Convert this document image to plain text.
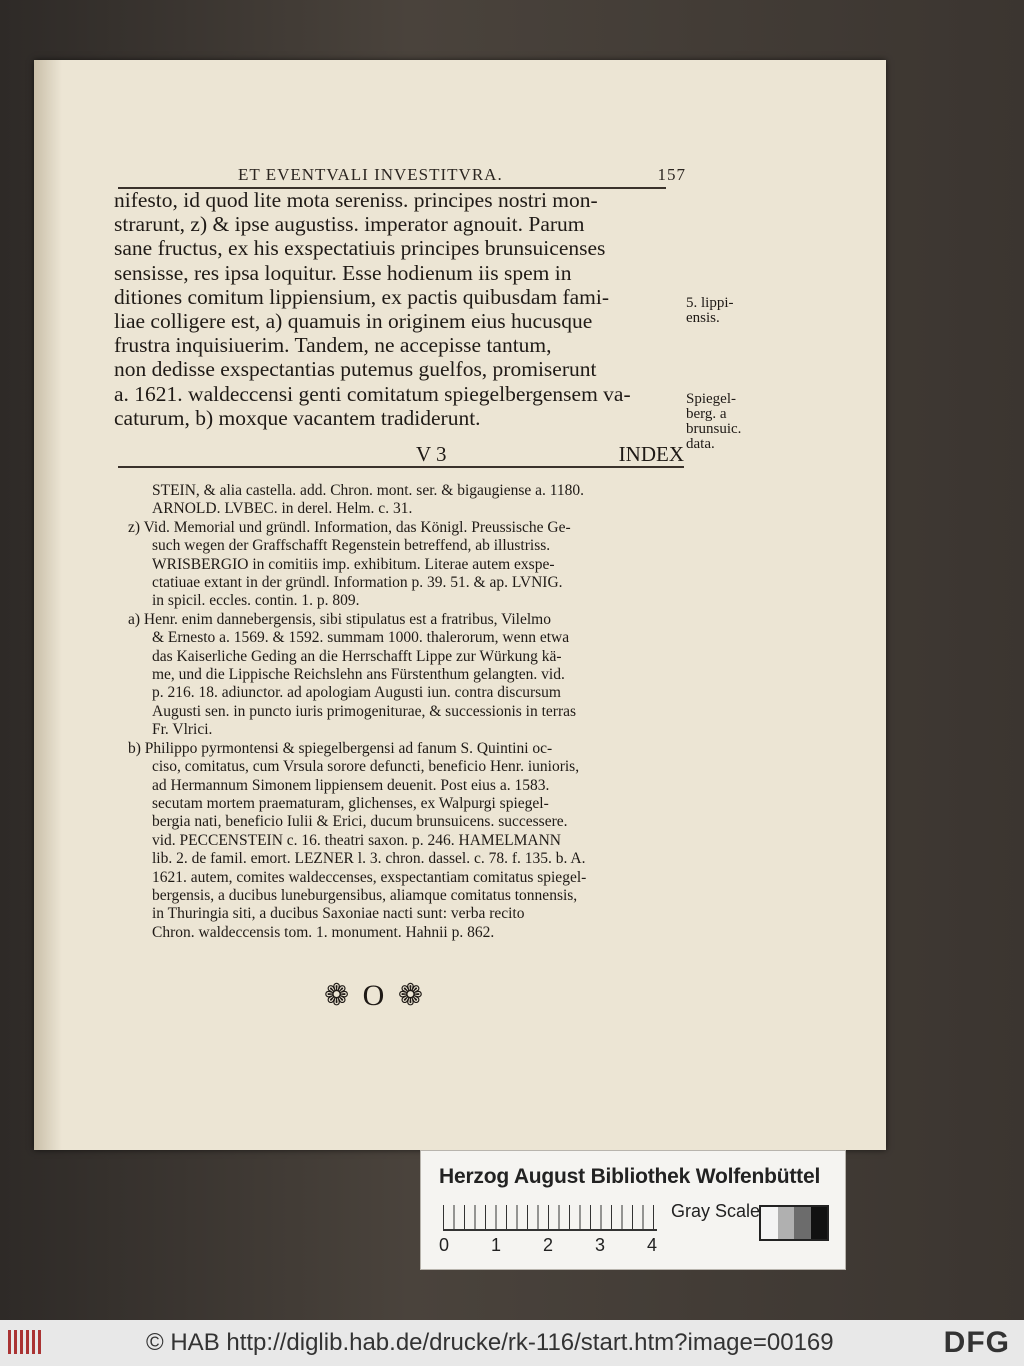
ET EVENTVALI INVESTITVRA.	157

nifesto, id quod lite mota sereniss. principes nostri mon-

strarunt, z) & ipse augustiss. imperator agnouit. Parum

sane fructus, ex his exspectatiuis principes brunsuicenses

sensisse, res ipsa loquitur. Esse hodienum iis spem in

ditiones comitum lippiensium, ex pactis quibusdam fami-

liae colligere est, a) quamuis in originem eius hucusque

frustra inquisiuerim. Tandem, ne accepisse tantum,

non dedisse exspectantias putemus guelfos, promiserunt

a. 1621. waldeccensi genti comitatum spiegelbergensem va-

caturum, b) moxque vacantem tradiderunt.

5. lippi-

ensis.

Spiegel-

berg. a

brunsuic.

data.

V 3	INDEX

STEIN, & alia castella. add. Chron. mont. ser. & bigaugiense a. 1180.

ARNOLD. LVBEC. in derel. Helm. c. 31.

z) Vid. Memorial und gründl. Information, das Königl. Preussische Ge-

such wegen der Graffschafft Regenstein betreffend, ab illustriss.

WRISBERGIO in comitiis imp. exhibitum. Literae autem exspe-

ctatiuae extant in der gründl. Information p. 39. 51. & ap. LVNIG.

in spicil. eccles. contin. 1. p. 809.

a) Henr. enim dannebergensis, sibi stipulatus est a fratribus, Vilelmo

& Ernesto a. 1569. & 1592. summam 1000. thalerorum, wenn etwa

das Kaiserliche Geding an die Herrschafft Lippe zur Würkung kä-

me, und die Lippische Reichslehn ans Fürstenthum gelangten. vid.

p. 216. 18. adiunctor. ad apologiam Augusti iun. contra discursum

Augusti sen. in puncto iuris primogeniturae, & successionis in terras

Fr. Vlrici.

b) Philippo pyrmontensi & spiegelbergensi ad fanum S. Quintini oc-

ciso, comitatus, cum Vrsula sorore defuncti, beneficio Henr. iunioris,

ad Hermannum Simonem lippiensem deuenit. Post eius a. 1583.

secutam mortem praematuram, glichenses, ex Walpurgi spiegel-

bergia nati, beneficio Iulii & Erici, ducum brunsuicens. successere.

vid. PECCENSTEIN c. 16. theatri saxon. p. 246. HAMELMANN

lib. 2. de famil. emort. LEZNER l. 3. chron. dassel. c. 78. f. 135. b. A.

1621. autem, comites waldeccenses, exspectantiam comitatus spiegel-

bergensis, a ducibus luneburgensibus, aliamque comitatus tonnensis,

in Thuringia siti, a ducibus Saxoniae nacti sunt: verba recito

Chron. waldeccensis tom. 1. monument. Hahnii p. 862.

❁ O ❁
Herzog August Bibliothek Wolfenbüttel
0 1 2 3 4
Gray Scale
© HAB http://diglib.hab.de/drucke/rk-116/start.htm?image=00169	DFG
